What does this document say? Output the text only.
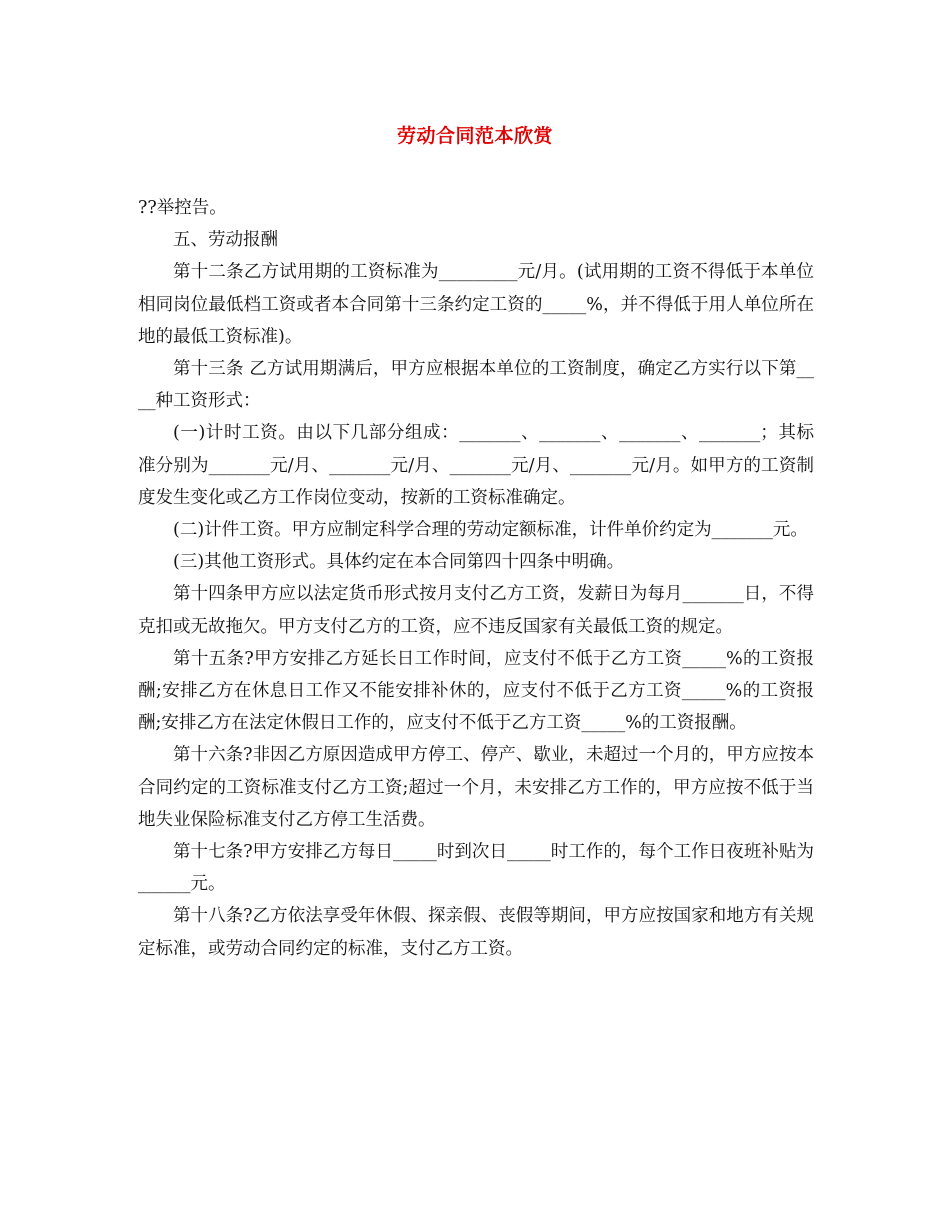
劳动合同范本欣赏

??举控告。

五、劳动报酬

第十二条乙方试用期的工资标准为_________元/月。(试用期的工资不得低于本单位相同岗位最低档工资或者本合同第十三条约定工资的_____%，并不得低于用人单位所在地的最低工资标准)。

第十三条 乙方试用期满后，甲方应根据本单位的工资制度，确定乙方实行以下第____种工资形式：

(一)计时工资。由以下几部分组成：_______、_______、_______、_______；其标准分别为_______元/月、_______元/月、_______元/月、_______元/月。如甲方的工资制度发生变化或乙方工作岗位变动，按新的工资标准确定。

(二)计件工资。甲方应制定科学合理的劳动定额标准，计件单价约定为_______元。

(三)其他工资形式。具体约定在本合同第四十四条中明确。

第十四条甲方应以法定货币形式按月支付乙方工资，发薪日为每月_______日，不得克扣或无故拖欠。甲方支付乙方的工资，应不违反国家有关最低工资的规定。

第十五条?甲方安排乙方延长日工作时间，应支付不低于乙方工资_____%的工资报酬;安排乙方在休息日工作又不能安排补休的，应支付不低于乙方工资_____%的工资报酬;安排乙方在法定休假日工作的，应支付不低于乙方工资_____%的工资报酬。

第十六条?非因乙方原因造成甲方停工、停产、歇业，未超过一个月的，甲方应按本合同约定的工资标准支付乙方工资;超过一个月，未安排乙方工作的，甲方应按不低于当地失业保险标准支付乙方停工生活费。

第十七条?甲方安排乙方每日_____时到次日_____时工作的，每个工作日夜班补贴为______元。

第十八条?乙方依法享受年休假、探亲假、丧假等期间，甲方应按国家和地方有关规定标准，或劳动合同约定的标准，支付乙方工资。
